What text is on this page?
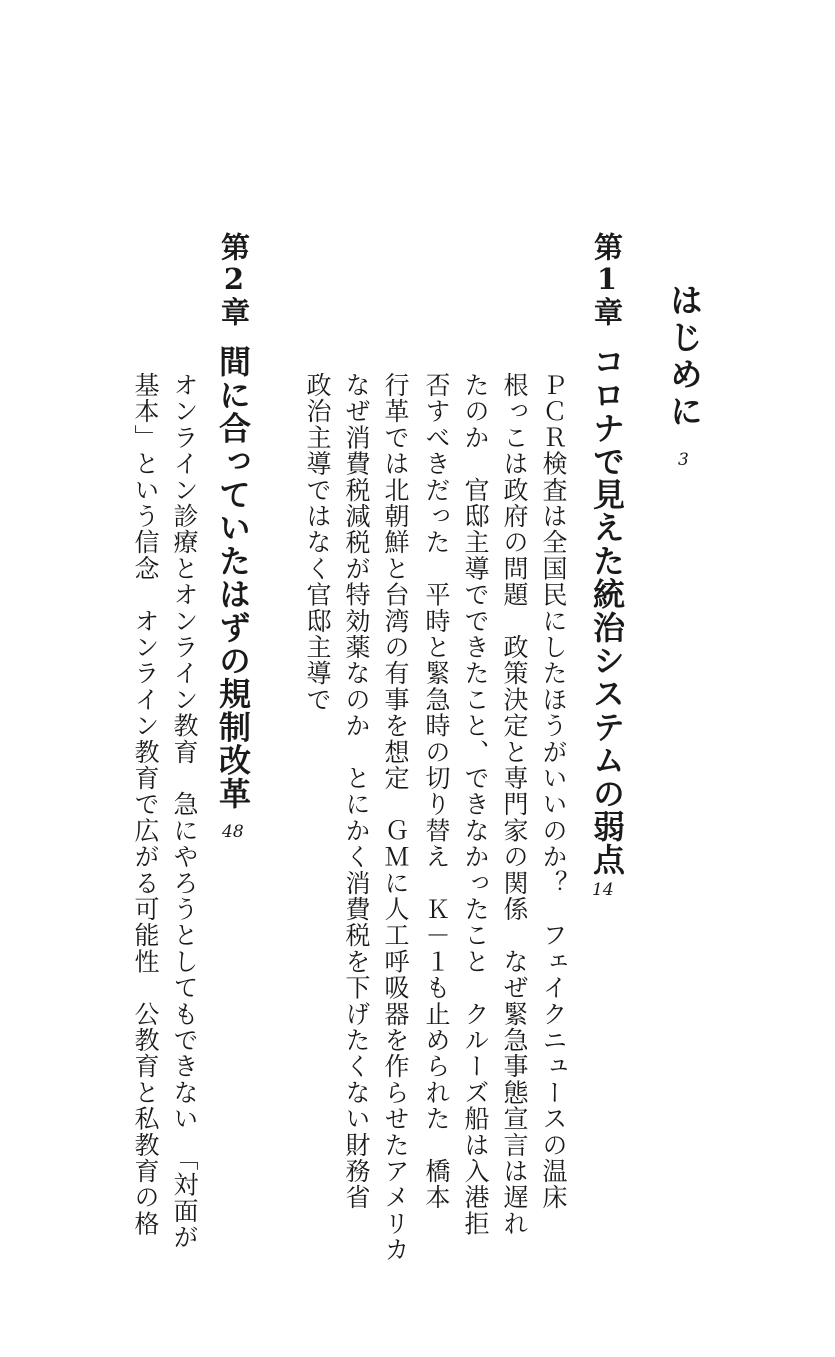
はじめに
3
第1章
コロナで見えた統治システムの弱点
14
ＰＣＲ検査は全国民にしたほうがいいのか？　フェイクニュースの温床
根っこは政府の問題　政策決定と専門家の関係　なぜ緊急事態宣言は遅れ
たのか　官邸主導でできたこと、できなかったこと　クルーズ船は入港拒
否すべきだった　平時と緊急時の切り替え　Ｋ－１も止められた　橋本
行革では北朝鮮と台湾の有事を想定　ＧＭに人工呼吸器を作らせたアメリカ
なぜ消費税減税が特効薬なのか　とにかく消費税を下げたくない財務省
政治主導ではなく官邸主導で
第2章
間に合っていたはずの規制改革
48
オンライン診療とオンライン教育　急にやろうとしてもできない　「対面が
基本」という信念　オンライン教育で広がる可能性　公教育と私教育の格
